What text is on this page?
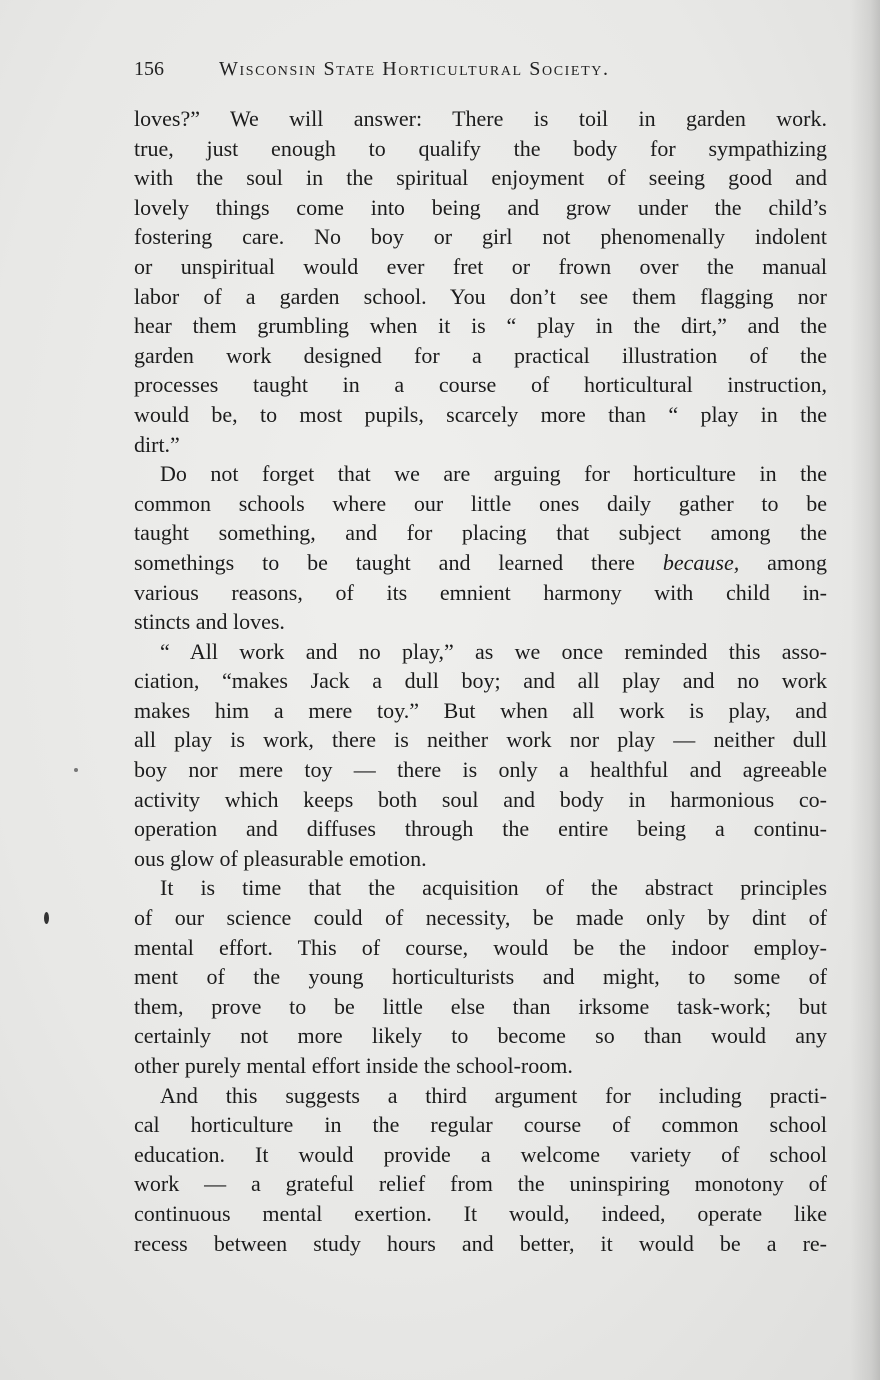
156	Wisconsin State Horticultural Society.
loves?” We will answer: There is toil in garden work.
true, just enough to qualify the body for sympathizing
with the soul in the spiritual enjoyment of seeing good and
lovely things come into being and grow under the child’s
fostering care. No boy or girl not phenomenally indolent
or unspiritual would ever fret or frown over the manual
labor of a garden school. You don’t see them flagging nor
hear them grumbling when it is “ play in the dirt,” and the
garden work designed for a practical illustration of the
processes taught in a course of horticultural instruction,
would be, to most pupils, scarcely more than “ play in the
dirt.”
Do not forget that we are arguing for horticulture in the
common schools where our little ones daily gather to be
taught something, and for placing that subject among the
somethings to be taught and learned there because, among
various reasons, of its emnient harmony with child in-
stincts and loves.
“ All work and no play,” as we once reminded this asso-
ciation, “makes Jack a dull boy; and all play and no work
makes him a mere toy.” But when all work is play, and
all play is work, there is neither work nor play — neither dull
boy nor mere toy — there is only a healthful and agreeable
activity which keeps both soul and body in harmonious co-
operation and diffuses through the entire being a continu-
ous glow of pleasurable emotion.
It is time that the acquisition of the abstract principles
of our science could of necessity, be made only by dint of
mental effort. This of course, would be the indoor employ-
ment of the young horticulturists and might, to some of
them, prove to be little else than irksome task-work; but
certainly not more likely to become so than would any
other purely mental effort inside the school-room.
And this suggests a third argument for including practi-
cal horticulture in the regular course of common school
education. It would provide a welcome variety of school
work — a grateful relief from the uninspiring monotony of
continuous mental exertion. It would, indeed, operate like
recess between study hours and better, it would be a re-
